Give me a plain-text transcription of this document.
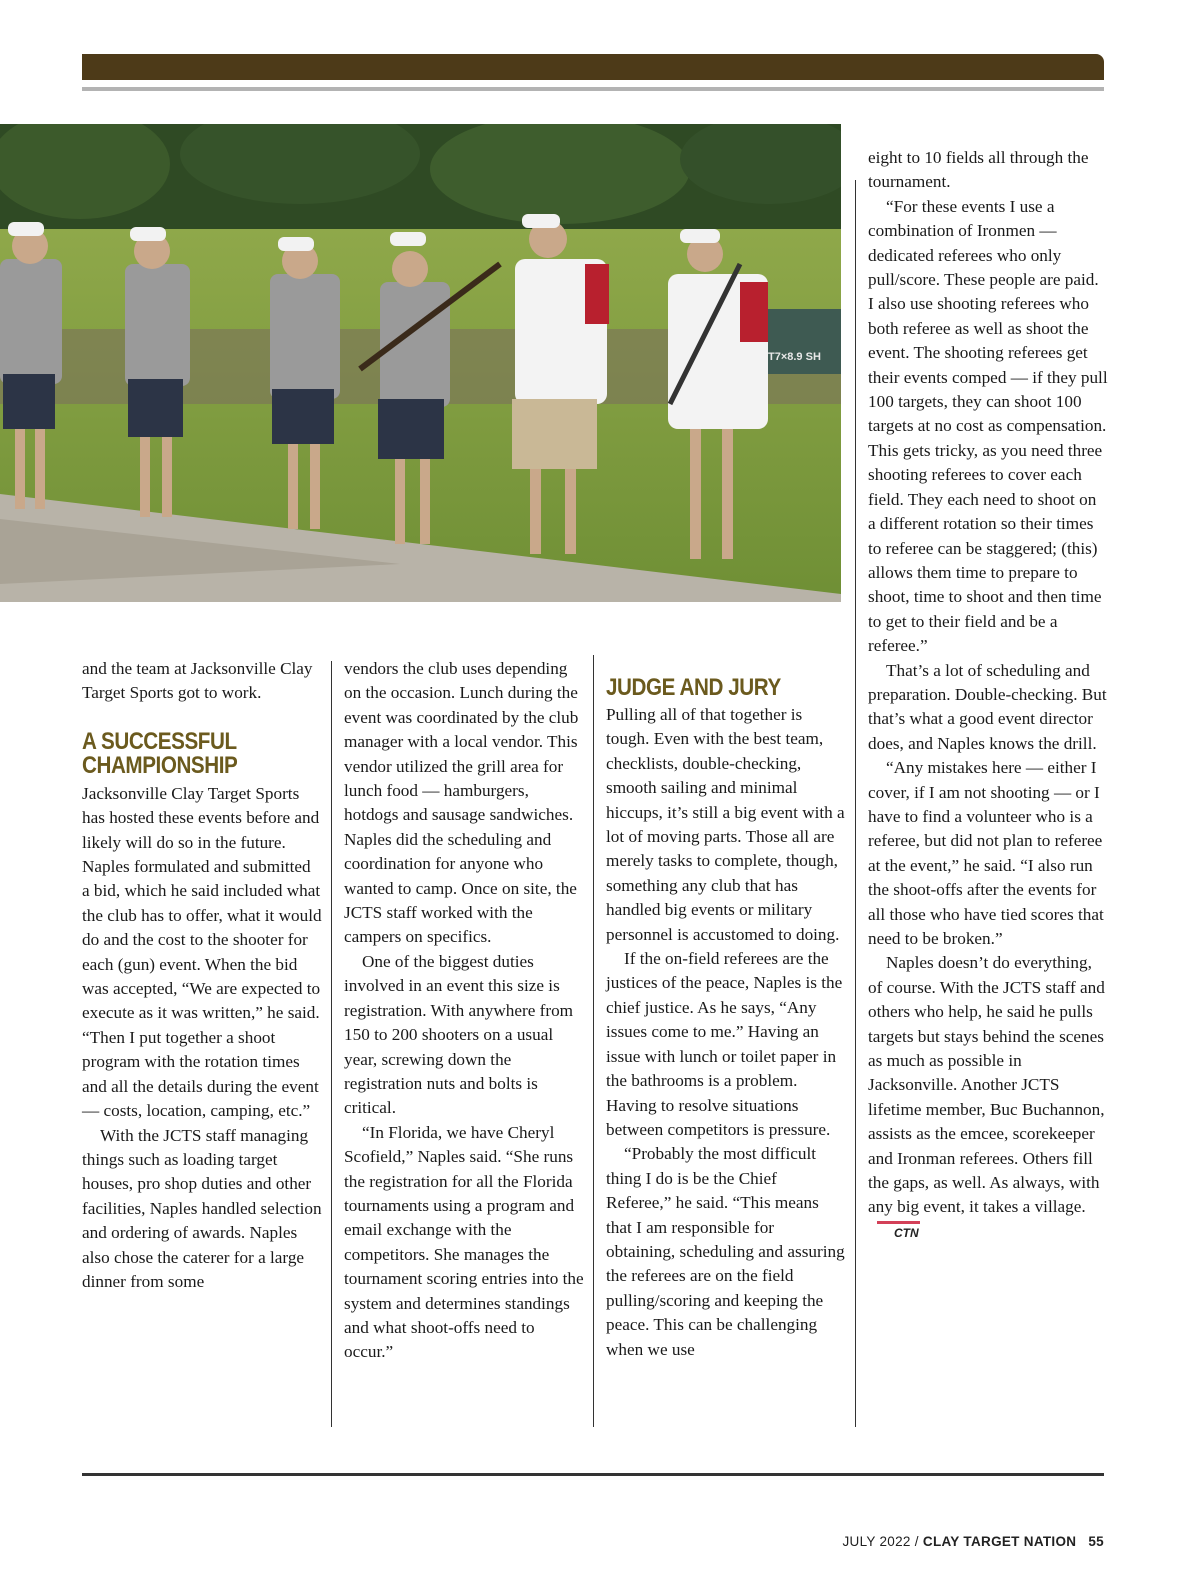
T7×8.9 SH

and the team at Jacksonville Clay Target Sports got to work.

A SUCCESSFUL CHAMPIONSHIP

Jacksonville Clay Target Sports has hosted these events before and likely will do so in the future. Naples formulated and submitted a bid, which he said included what the club has to offer, what it would do and the cost to the shooter for each (gun) event. When the bid was accepted, “We are expected to execute as it was written,” he said. “Then I put together a shoot program with the rotation times and all the details during the event — costs, location, camping, etc.”

With the JCTS staff managing things such as loading target houses, pro shop duties and other facilities, Naples handled selection and ordering of awards. Naples also chose the caterer for a large dinner from some

vendors the club uses depending on the occasion. Lunch during the event was coordinated by the club manager with a local vendor. This vendor utilized the grill area for lunch food — hamburgers, hotdogs and sausage sandwiches. Naples did the scheduling and coordination for anyone who wanted to camp. Once on site, the JCTS staff worked with the campers on specifics.

One of the biggest duties involved in an event this size is registration. With anywhere from 150 to 200 shooters on a usual year, screwing down the registration nuts and bolts is critical.

“In Florida, we have Cheryl Scofield,” Naples said. “She runs the registration for all the Florida tournaments using a program and email exchange with the competitors. She manages the tournament scoring entries into the system and determines standings and what shoot-offs need to occur.”

JUDGE AND JURY

Pulling all of that together is tough. Even with the best team, checklists, double-checking, smooth sailing and minimal hiccups, it’s still a big event with a lot of moving parts. Those all are merely tasks to complete, though, something any club that has handled big events or military personnel is accustomed to doing.

If the on-field referees are the justices of the peace, Naples is the chief justice. As he says, “Any issues come to me.” Having an issue with lunch or toilet paper in the bathrooms is a problem. Having to resolve situations between competitors is pressure.

“Probably the most difficult thing I do is be the Chief Referee,” he said. “This means that I am responsible for obtaining, scheduling and assuring the referees are on the field pulling/scoring and keeping the peace. This can be challenging when we use

eight to 10 fields all through the tournament.

“For these events I use a combination of Ironmen — dedicated referees who only pull/score. These people are paid. I also use shooting referees who both referee as well as shoot the event. The shooting referees get their events comped — if they pull 100 targets, they can shoot 100 targets at no cost as compensation. This gets tricky, as you need three shooting referees to cover each field. They each need to shoot on a different rotation so their times to referee can be staggered; (this) allows them time to prepare to shoot, time to shoot and then time to get to their field and be a referee.”

That’s a lot of scheduling and preparation. Double-checking. But that’s what a good event director does, and Naples knows the drill.

“Any mistakes here — either I cover, if I am not shooting — or I have to find a volunteer who is a referee, but did not plan to referee at the event,” he said. “I also run the shoot-offs after the events for all those who have tied scores that need to be broken.”

Naples doesn’t do everything, of course. With the JCTS staff and others who help, he said he pulls targets but stays behind the scenes as much as possible in Jacksonville. Another JCTS lifetime member, Buc Buchannon, assists as the emcee, scorekeeper and Ironman referees. Others fill the gaps, as well. As always, with any big event, it takes a village.CTN

JULY 2022 / CLAY TARGET NATION 55
